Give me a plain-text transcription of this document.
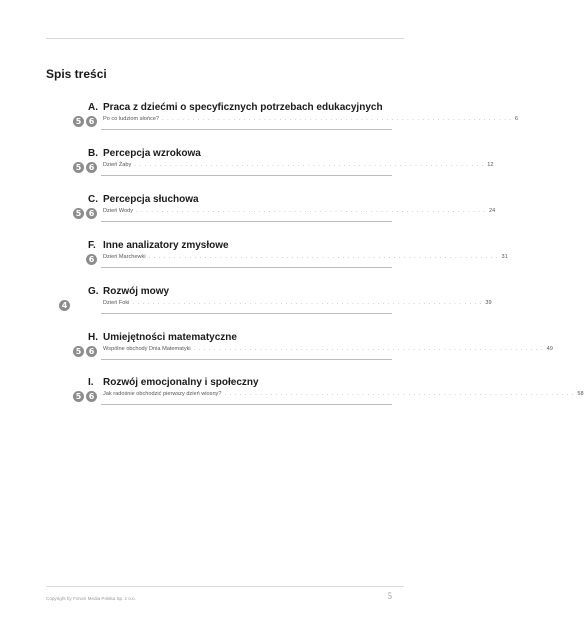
Spis treści
A. Praca z dziećmi o specyficznych potrzebach edukacyjnych
5 6	Po co ludziom słońce? . . . . . . . . . . . . . . . . . . . . . . . . . . . . . . . . . . . . . . . . . . . . . . . . . . . . . . . . . . . . . . . . . . . . . 6
B. Percepcja wzrokowa
5 6	Dzień Żaby . . . . . . . . . . . . . . . . . . . . . . . . . . . . . . . . . . . . . . . . . . . . . . . . . . . . . . . . . . . . . . . . . . . . . 12
C. Percepcja słuchowa
5 6	Dzień Wody . . . . . . . . . . . . . . . . . . . . . . . . . . . . . . . . . . . . . . . . . . . . . . . . . . . . . . . . . . . . . . . . . . . . . 24
F. Inne analizatory zmysłowe
6	Dzień Marchewki . . . . . . . . . . . . . . . . . . . . . . . . . . . . . . . . . . . . . . . . . . . . . . . . . . . . . . . . . . . . . . . . . . . . . 31
G. Rozwój mowy
4	Dzień Foki . . . . . . . . . . . . . . . . . . . . . . . . . . . . . . . . . . . . . . . . . . . . . . . . . . . . . . . . . . . . . . . . . . . . . 39
H. Umiejętności matematyczne
5 6	Wspólne obchody Dnia Matematyki . . . . . . . . . . . . . . . . . . . . . . . . . . . . . . . . . . . . . . . . . . . . . . . . . . . . . . . . . . . . . . . . . . . . . 49
I. Rozwój emocjonalny i społeczny
5 6	Jak radośnie obchodzić pierwszy dzień wiosny? . . . . . . . . . . . . . . . . . . . . . . . . . . . . . . . . . . . . . . . . . . . . . . . . . . . . . . . . . . . . . . . . . . . . . 58
Copyright by Forum Media Polska Sp. z o.o.	5
